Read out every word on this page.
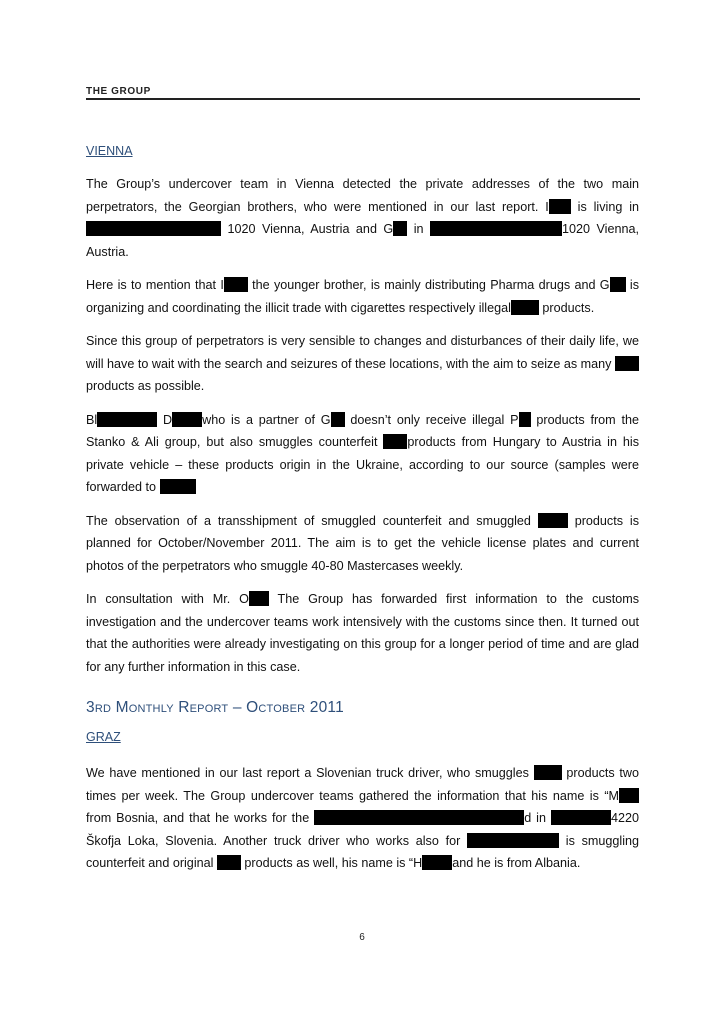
THE GROUP
VIENNA

The Group’s undercover team in Vienna detected the private addresses of the two main perpetrators, the Georgian brothers, who were mentioned in our last report. I is living in  1020 Vienna, Austria and G in	1020 Vienna, Austria.

Here is to mention that I the younger brother, is mainly distributing Pharma drugs and G is organizing and coordinating the illicit trade with cigarettes respectively illegal	products.

Since this group of perpetrators is very sensible to changes and disturbances of their daily life, we will have to wait with the search and seizures of these locations, with the aim to seize as many  products as possible.

Bl	D who is a partner of G doesn’t only receive illegal P products from the Stanko & Ali group, but also smuggles counterfeit products from Hungary to Austria in his private vehicle – these products origin in the Ukraine, according to our source (samples were forwarded to

The observation of a transshipment of smuggled counterfeit and smuggled	products is planned for October/November 2011. The aim is to get the vehicle license plates and current photos of the perpetrators who smuggle 40-80 Mastercases weekly.

In consultation with Mr. O The Group has forwarded first information to the customs investigation and the undercover teams work intensively with the customs since then. It turned out that the authorities were already investigating on this group for a longer period of time and are glad for any further information in this case.

3rd Monthly Report – October 2011
GRAZ

We have mentioned in our last report a Slovenian truck driver, who smuggles	products two times per week. The Group undercover teams gathered the information that his name is “M from Bosnia, and that he works for the	d in	4220 Škofja Loka, Slovenia. Another truck driver who works also for	is smuggling counterfeit and original products as well, his name is “H and he is from Albania.

6
